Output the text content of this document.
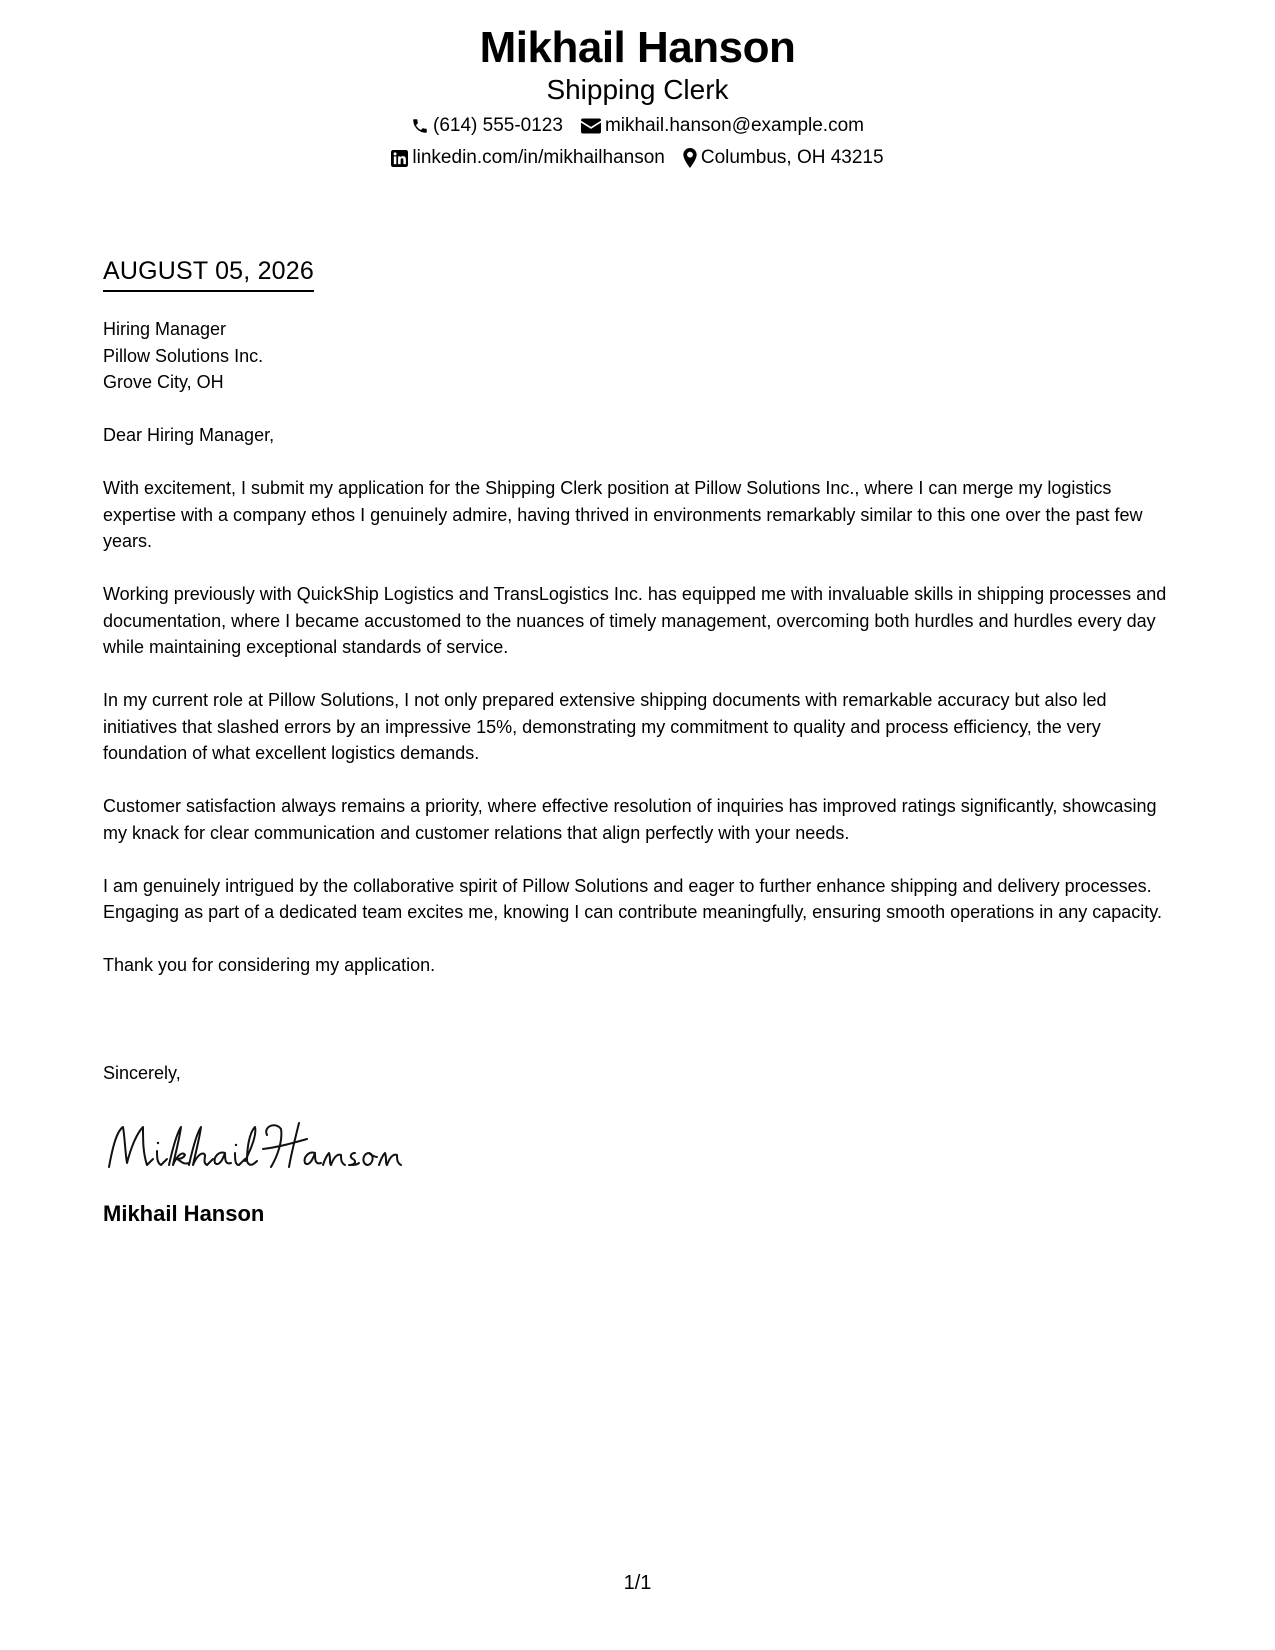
Mikhail Hanson
Shipping Clerk
(614) 555-0123 mikhail.hanson@example.com
linkedin.com/in/mikhailhanson Columbus, OH 43215
AUGUST 05, 2026
Hiring Manager
Pillow Solutions Inc.
Grove City, OH

Dear Hiring Manager,

With excitement, I submit my application for the Shipping Clerk position at Pillow Solutions Inc., where I can merge my logistics expertise with a company ethos I genuinely admire, having thrived in environments remarkably similar to this one over the past few years.

Working previously with QuickShip Logistics and TransLogistics Inc. has equipped me with invaluable skills in shipping processes and documentation, where I became accustomed to the nuances of timely management, overcoming both hurdles and hurdles every day while maintaining exceptional standards of service.

In my current role at Pillow Solutions, I not only prepared extensive shipping documents with remarkable accuracy but also led initiatives that slashed errors by an impressive 15%, demonstrating my commitment to quality and process efficiency, the very foundation of what excellent logistics demands.

Customer satisfaction always remains a priority, where effective resolution of inquiries has improved ratings significantly, showcasing my knack for clear communication and customer relations that align perfectly with your needs.

I am genuinely intrigued by the collaborative spirit of Pillow Solutions and eager to further enhance shipping and delivery processes. Engaging as part of a dedicated team excites me, knowing I can contribute meaningfully, ensuring smooth operations in any capacity.

Thank you for considering my application.

Sincerely,
Mikhail Hanson
1/1
